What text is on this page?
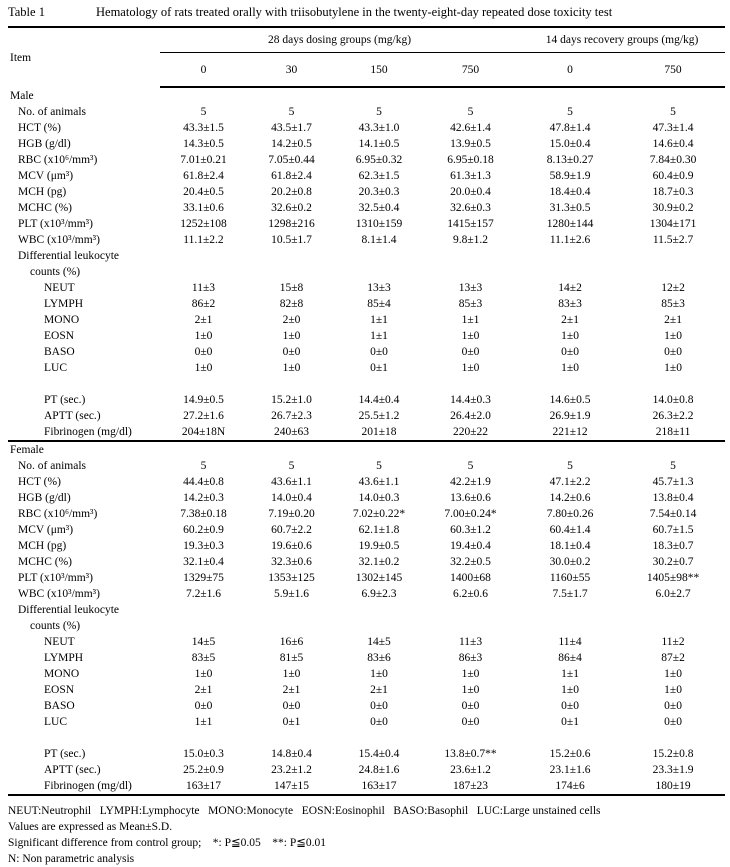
Table 1	Hematology of rats treated orally with triisobutylene in the twenty-eight-day repeated dose toxicity test
Item	28 days dosing groups (mg/kg)				14 days recovery groups (mg/kg)	
	0	30	150	750	0	750
Male						
No. of animals	5	5	5	5	5	5
HCT (%)	43.3±1.5	43.5±1.7	43.3±1.0	42.6±1.4	47.8±1.4	47.3±1.4
HGB (g/dl)	14.3±0.5	14.2±0.5	14.1±0.5	13.9±0.5	15.0±0.4	14.6±0.4
RBC (x10⁶/mm³)	7.01±0.21	7.05±0.44	6.95±0.32	6.95±0.18	8.13±0.27	7.84±0.30
MCV (μm³)	61.8±2.4	61.8±2.4	62.3±1.5	61.3±1.3	58.9±1.9	60.4±0.9
MCH (pg)	20.4±0.5	20.2±0.8	20.3±0.3	20.0±0.4	18.4±0.4	18.7±0.3
MCHC (%)	33.1±0.6	32.6±0.2	32.5±0.4	32.6±0.3	31.3±0.5	30.9±0.2
PLT (x10³/mm³)	1252±108	1298±216	1310±159	1415±157	1280±144	1304±171
WBC (x10³/mm³)	11.1±2.2	10.5±1.7	8.1±1.4	9.8±1.2	11.1±2.6	11.5±2.7
Differential leukocyte						
counts (%)						
NEUT	11±3	15±8	13±3	13±3	14±2	12±2
LYMPH	86±2	82±8	85±4	85±3	83±3	85±3
MONO	2±1	2±0	1±1	1±1	2±1	2±1
EOSN	1±0	1±0	1±1	1±0	1±0	1±0
BASO	0±0	0±0	0±0	0±0	0±0	0±0
LUC	1±0	1±0	0±1	1±0	1±0	1±0

PT (sec.)	14.9±0.5	15.2±1.0	14.4±0.4	14.4±0.3	14.6±0.5	14.0±0.8
APTT (sec.)	27.2±1.6	26.7±2.3	25.5±1.2	26.4±2.0	26.9±1.9	26.3±2.2
Fibrinogen (mg/dl)	204±18N	240±63	201±18	220±22	221±12	218±11
Female						
No. of animals	5	5	5	5	5	5
HCT (%)	44.4±0.8	43.6±1.1	43.6±1.1	42.2±1.9	47.1±2.2	45.7±1.3
HGB (g/dl)	14.2±0.3	14.0±0.4	14.0±0.3	13.6±0.6	14.2±0.6	13.8±0.4
RBC (x10⁶/mm³)	7.38±0.18	7.19±0.20	7.02±0.22*	7.00±0.24*	7.80±0.26	7.54±0.14
MCV (μm³)	60.2±0.9	60.7±2.2	62.1±1.8	60.3±1.2	60.4±1.4	60.7±1.5
MCH (pg)	19.3±0.3	19.6±0.6	19.9±0.5	19.4±0.4	18.1±0.4	18.3±0.7
MCHC (%)	32.1±0.4	32.3±0.6	32.1±0.2	32.2±0.5	30.0±0.2	30.2±0.7
PLT (x10³/mm³)	1329±75	1353±125	1302±145	1400±68	1160±55	1405±98**
WBC (x10³/mm³)	7.2±1.6	5.9±1.6	6.9±2.3	6.2±0.6	7.5±1.7	6.0±2.7
Differential leukocyte						
counts (%)						
NEUT	14±5	16±6	14±5	11±3	11±4	11±2
LYMPH	83±5	81±5	83±6	86±3	86±4	87±2
MONO	1±0	1±0	1±0	1±0	1±1	1±0
EOSN	2±1	2±1	2±1	1±0	1±0	1±0
BASO	0±0	0±0	0±0	0±0	0±0	0±0
LUC	1±1	0±1	0±0	0±0	0±1	0±0

PT (sec.)	15.0±0.3	14.8±0.4	15.4±0.4	13.8±0.7**	15.2±0.6	15.2±0.8
APTT (sec.)	25.2±0.9	23.2±1.2	24.8±1.6	23.6±1.2	23.1±1.6	23.3±1.9
Fibrinogen (mg/dl)	163±17	147±15	163±17	187±23	174±6	180±19
NEUT:Neutrophil   LYMPH:Lymphocyte   MONO:Monocyte   EOSN:Eosinophil   BASO:Basophil   LUC:Large unstained cells
Values are expressed as Mean±S.D.
Significant difference from control group;    *: P≦0.05    **: P≦0.01
N: Non parametric analysis
